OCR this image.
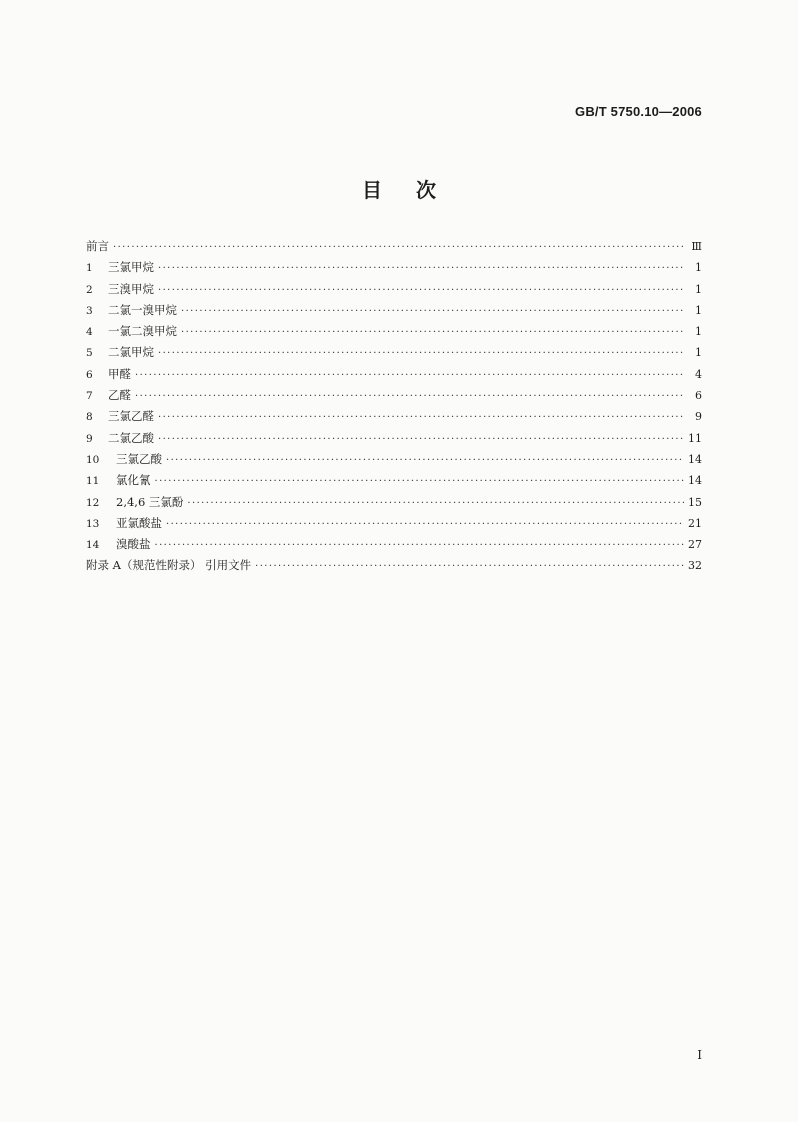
GB/T 5750.10—2006
目 次
前言 ·····	Ⅲ
1	三氯甲烷 ·····	1
2	三溴甲烷 ·····	1
3	二氯一溴甲烷 ·····	1
4	一氯二溴甲烷 ·····	1
5	二氯甲烷 ·····	1
6	甲醛 ·····	4
7	乙醛 ·····	6
8	三氯乙醛 ·····	9
9	二氯乙酸 ·····	11
10	三氯乙酸 ·····	14
11	氯化氰 ·····	14
12	2,4,6 三氯酚 ·····	15
13	亚氯酸盐 ·····	21
14	溴酸盐 ·····	27
附录 A（规范性附录） 引用文件 ·····	32
Ⅰ
